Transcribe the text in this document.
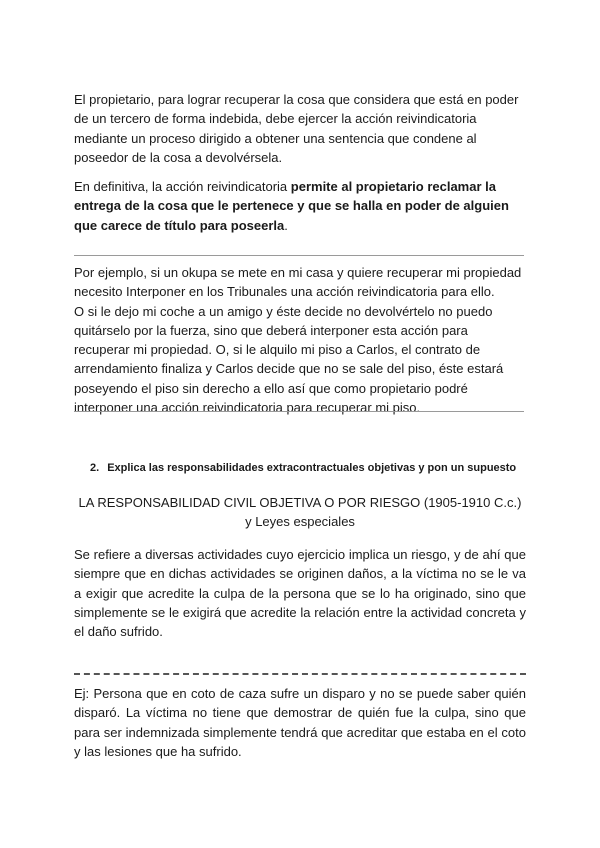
El propietario, para lograr recuperar la cosa que considera que está en poder de un tercero de forma indebida, debe ejercer la acción reivindicatoria mediante un proceso dirigido a obtener una sentencia que condene al poseedor de la cosa a devolvérsela.

En definitiva, la acción reivindicatoria permite al propietario reclamar la entrega de la cosa que le pertenece y que se halla en poder de alguien que carece de título para poseerla.

Por ejemplo, si un okupa se mete en mi casa y quiere recuperar mi propiedad necesito Interponer en los Tribunales una acción reivindicatoria para ello.
O si le dejo mi coche a un amigo y éste decide no devolvértelo no puedo quitárselo por la fuerza, sino que deberá interponer esta acción para recuperar mi propiedad. O, si le alquilo mi piso a Carlos, el contrato de arrendamiento finaliza y Carlos decide que no se sale del piso, éste estará poseyendo el piso sin derecho a ello así que como propietario podré interponer una acción reivindicatoria para recuperar mi piso.

2. Explica las responsabilidades extracontractuales objetivas y pon un supuesto

LA RESPONSABILIDAD CIVIL OBJETIVA O POR RIESGO (1905-1910 C.c.)

y Leyes especiales

Se refiere a diversas actividades cuyo ejercicio implica un riesgo, y de ahí que siempre que en dichas actividades se originen daños, a la víctima no se le va a exigir que acredite la culpa de la persona que se lo ha originado, sino que simplemente se le exigirá que acredite la relación entre la actividad concreta y el daño sufrido.

Ej: Persona que en coto de caza sufre un disparo y no se puede saber quién disparó. La víctima no tiene que demostrar de quién fue la culpa, sino que para ser indemnizada simplemente tendrá que acreditar que estaba en el coto y las lesiones que ha sufrido.
